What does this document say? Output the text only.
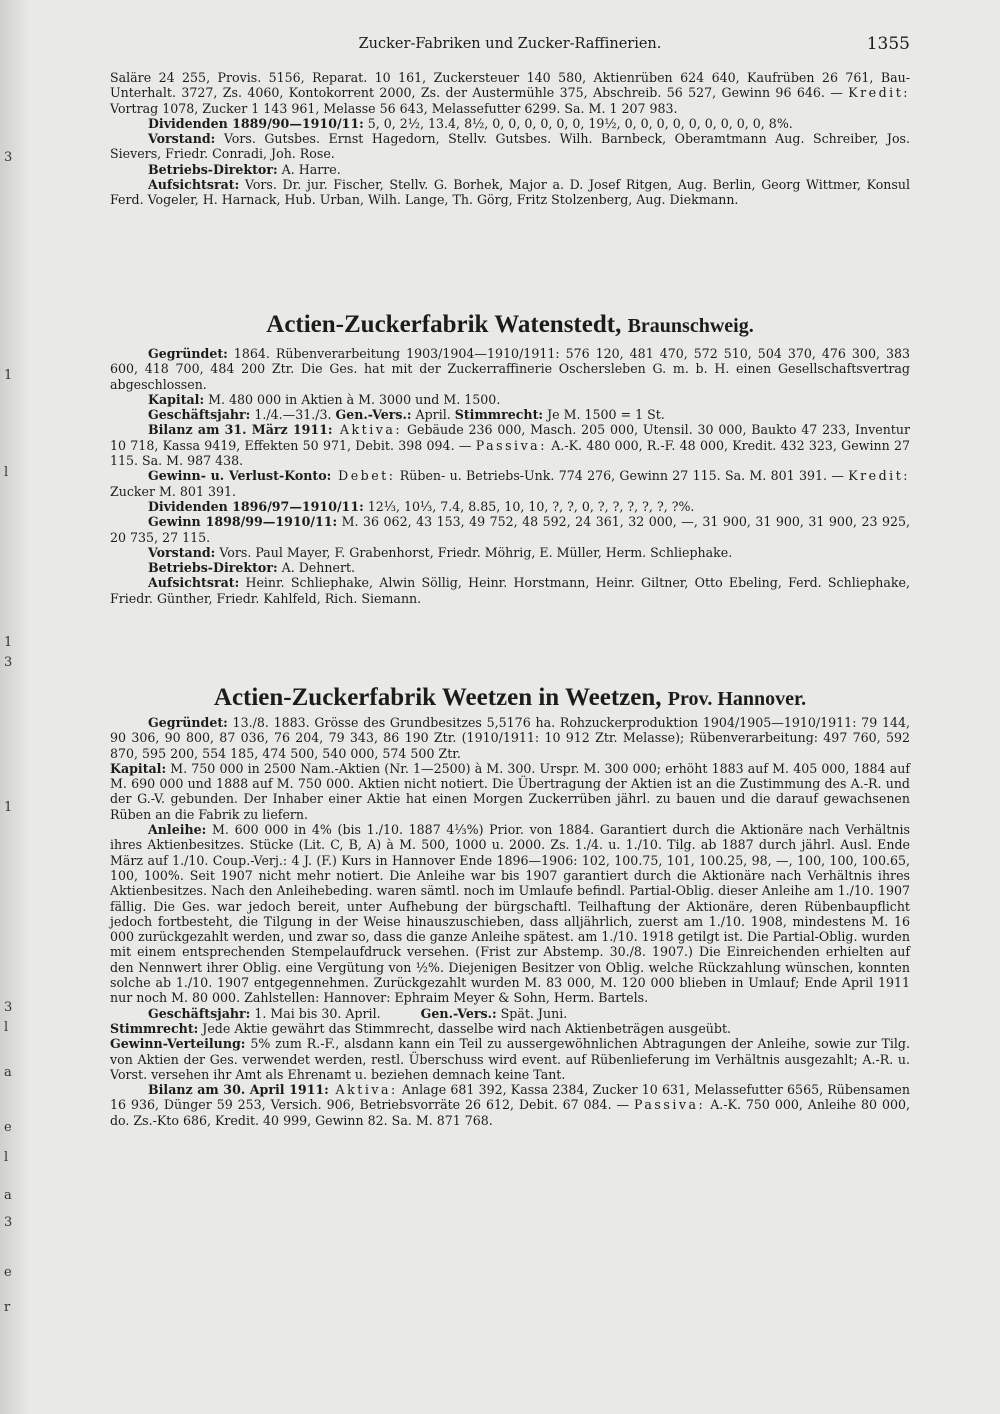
3
1
l
1
3
1
3
l
a
e
l
a
3
e
r
Zucker-Fabriken und Zucker-Raffinerien.	1355

Saläre 24 255, Provis. 5156, Reparat. 10 161, Zuckersteuer 140 580, Aktienrüben 624 640, Kaufrüben 26 761, Bau-Unterhalt. 3727, Zs. 4060, Kontokorrent 2000, Zs. der Austermühle 375, Abschreib. 56 527, Gewinn 96 646. — Kredit: Vortrag 1078, Zucker 1 143 961, Melasse 56 643, Melassefutter 6299. Sa. M. 1 207 983.

Dividenden 1889/90—1910/11: 5, 0, 2½, 13.4, 8½, 0, 0, 0, 0, 0, 0, 19½, 0, 0, 0, 0, 0, 0, 0, 0, 0, 8%.

Vorstand: Vors. Gutsbes. Ernst Hagedorn, Stellv. Gutsbes. Wilh. Barnbeck, Oberamtmann Aug. Schreiber, Jos. Sievers, Friedr. Conradi, Joh. Rose.

Betriebs-Direktor: A. Harre.

Aufsichtsrat: Vors. Dr. jur. Fischer, Stellv. G. Borhek, Major a. D. Josef Ritgen, Aug. Berlin, Georg Wittmer, Konsul Ferd. Vogeler, H. Harnack, Hub. Urban, Wilh. Lange, Th. Görg, Fritz Stolzenberg, Aug. Diekmann.

Actien-Zuckerfabrik Watenstedt, Braunschweig.

Gegründet: 1864. Rübenverarbeitung 1903/1904—1910/1911: 576 120, 481 470, 572 510, 504 370, 476 300, 383 600, 418 700, 484 200 Ztr. Die Ges. hat mit der Zuckerraffinerie Oschersleben G. m. b. H. einen Gesellschaftsvertrag abgeschlossen.

Kapital: M. 480 000 in Aktien à M. 3000 und M. 1500.

Geschäftsjahr: 1./4.—31./3. Gen.-Vers.: April. Stimmrecht: Je M. 1500 = 1 St.

Bilanz am 31. März 1911: Aktiva: Gebäude 236 000, Masch. 205 000, Utensil. 30 000, Baukto 47 233, Inventur 10 718, Kassa 9419, Effekten 50 971, Debit. 398 094. — Passiva: A.-K. 480 000, R.-F. 48 000, Kredit. 432 323, Gewinn 27 115. Sa. M. 987 438.

Gewinn- u. Verlust-Konto: Debet: Rüben- u. Betriebs-Unk. 774 276, Gewinn 27 115. Sa. M. 801 391. — Kredit: Zucker M. 801 391.

Dividenden 1896/97—1910/11: 12⅓, 10⅓, 7.4, 8.85, 10, 10, ?, ?, 0, ?, ?, ?, ?, ?, ?%.

Gewinn 1898/99—1910/11: M. 36 062, 43 153, 49 752, 48 592, 24 361, 32 000, —, 31 900, 31 900, 31 900, 23 925, 20 735, 27 115.

Vorstand: Vors. Paul Mayer, F. Grabenhorst, Friedr. Möhrig, E. Müller, Herm. Schliephake.

Betriebs-Direktor: A. Dehnert.

Aufsichtsrat: Heinr. Schliephake, Alwin Söllig, Heinr. Horstmann, Heinr. Giltner, Otto Ebeling, Ferd. Schliephake, Friedr. Günther, Friedr. Kahlfeld, Rich. Siemann.

Actien-Zuckerfabrik Weetzen in Weetzen, Prov. Hannover.

Gegründet: 13./8. 1883. Grösse des Grundbesitzes 5,5176 ha. Rohzuckerproduktion 1904/1905—1910/1911: 79 144, 90 306, 90 800, 87 036, 76 204, 79 343, 86 190 Ztr. (1910/1911: 10 912 Ztr. Melasse); Rübenverarbeitung: 497 760, 592 870, 595 200, 554 185, 474 500, 540 000, 574 500 Ztr.

Kapital: M. 750 000 in 2500 Nam.-Aktien (Nr. 1—2500) à M. 300. Urspr. M. 300 000; erhöht 1883 auf M. 405 000, 1884 auf M. 690 000 und 1888 auf M. 750 000. Aktien nicht notiert. Die Übertragung der Aktien ist an die Zustimmung des A.-R. und der G.-V. gebunden. Der Inhaber einer Aktie hat einen Morgen Zuckerrüben jährl. zu bauen und die darauf gewachsenen Rüben an die Fabrik zu liefern.

Anleihe: M. 600 000 in 4% (bis 1./10. 1887 4⅓%) Prior. von 1884. Garantiert durch die Aktionäre nach Verhältnis ihres Aktienbesitzes. Stücke (Lit. C, B, A) à M. 500, 1000 u. 2000. Zs. 1./4. u. 1./10. Tilg. ab 1887 durch jährl. Ausl. Ende März auf 1./10. Coup.-Verj.: 4 J. (F.) Kurs in Hannover Ende 1896—1906: 102, 100.75, 101, 100.25, 98, —, 100, 100, 100.65, 100, 100%. Seit 1907 nicht mehr notiert. Die Anleihe war bis 1907 garantiert durch die Aktionäre nach Verhältnis ihres Aktienbesitzes. Nach den Anleihebeding. waren sämtl. noch im Umlaufe befindl. Partial-Oblig. dieser Anleihe am 1./10. 1907 fällig. Die Ges. war jedoch bereit, unter Aufhebung der bürgschaftl. Teilhaftung der Aktionäre, deren Rübenbaupflicht jedoch fortbesteht, die Tilgung in der Weise hinauszuschieben, dass alljährlich, zuerst am 1./10. 1908, mindestens M. 16 000 zurückgezahlt werden, und zwar so, dass die ganze Anleihe spätest. am 1./10. 1918 getilgt ist. Die Partial-Oblig. wurden mit einem entsprechenden Stempelaufdruck versehen. (Frist zur Abstemp. 30./8. 1907.) Die Einreichenden erhielten auf den Nennwert ihrer Oblig. eine Vergütung von ½%. Diejenigen Besitzer von Oblig. welche Rückzahlung wünschen, konnten solche ab 1./10. 1907 entgegennehmen. Zurückgezahlt wurden M. 83 000, M. 120 000 blieben in Umlauf; Ende April 1911 nur noch M. 80 000. Zahlstellen: Hannover: Ephraim Meyer & Sohn, Herm. Bartels.

Geschäftsjahr: 1. Mai bis 30. April.          Gen.-Vers.: Spät. Juni.

Stimmrecht: Jede Aktie gewährt das Stimmrecht, dasselbe wird nach Aktienbeträgen ausgeübt.

Gewinn-Verteilung: 5% zum R.-F., alsdann kann ein Teil zu aussergewöhnlichen Abtragungen der Anleihe, sowie zur Tilg. von Aktien der Ges. verwendet werden, restl. Überschuss wird event. auf Rübenlieferung im Verhältnis ausgezahlt; A.-R. u. Vorst. versehen ihr Amt als Ehrenamt u. beziehen demnach keine Tant.

Bilanz am 30. April 1911: Aktiva: Anlage 681 392, Kassa 2384, Zucker 10 631, Melassefutter 6565, Rübensamen 16 936, Dünger 59 253, Versich. 906, Betriebsvorräte 26 612, Debit. 67 084. — Passiva: A.-K. 750 000, Anleihe 80 000, do. Zs.-Kto 686, Kredit. 40 999, Gewinn 82. Sa. M. 871 768.
